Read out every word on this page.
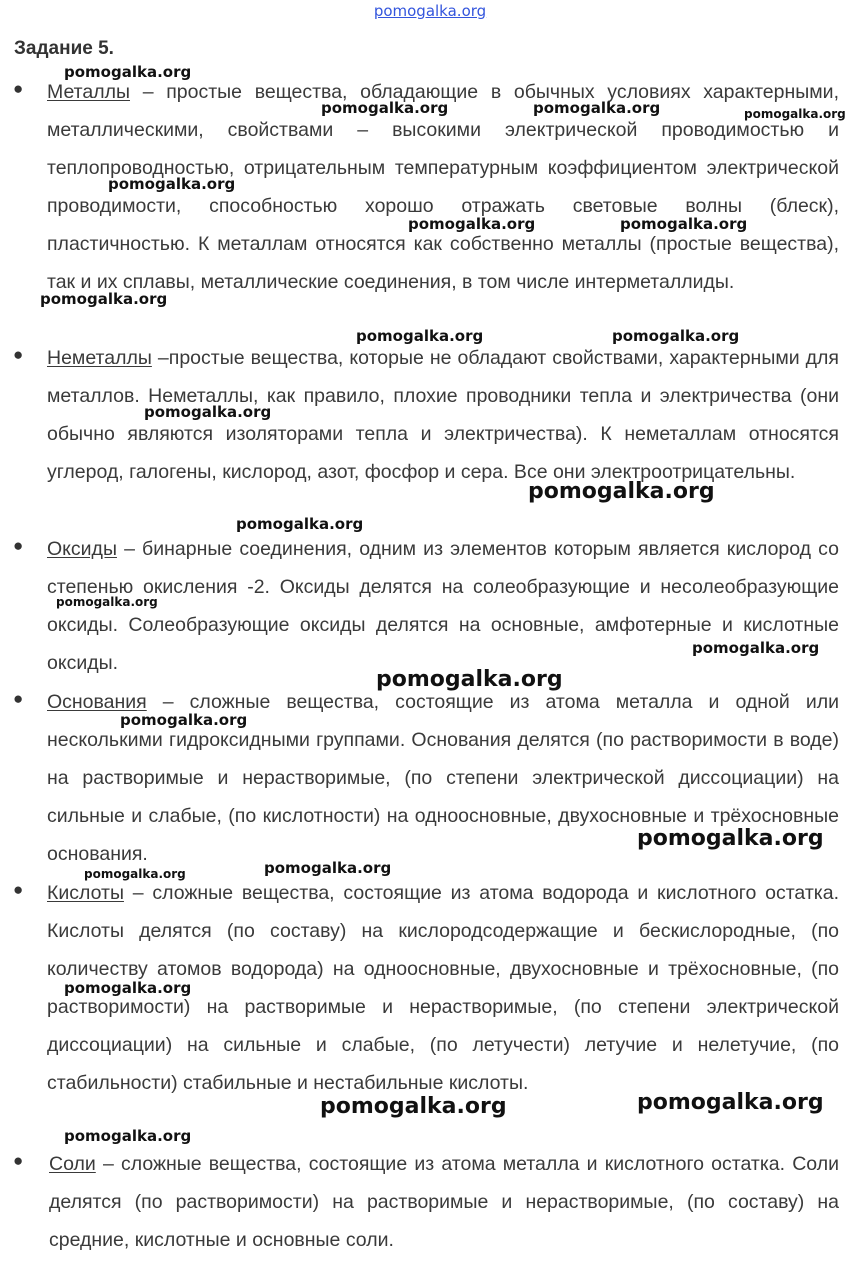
pomogalka.org
Задание 5.
● Металлы – простые вещества, обладающие в обычных условиях характерными, металлическими, свойствами – высокими электрической проводимостью и теплопроводностью, отрицательным температурным коэффициентом электрической проводимости, способностью хорошо отражать световые волны (блеск), пластичностью. К металлам относятся как собственно металлы (простые вещества), так и их сплавы, металлические соединения, в том числе интерметаллиды.
● Неметаллы –простые вещества, которые не обладают свойствами, характерными для металлов. Неметаллы, как правило, плохие проводники тепла и электричества (они обычно являются изоляторами тепла и электричества). К неметаллам относятся углерод, галогены, кислород, азот, фосфор и сера. Все они электроотрицательны.
● Оксиды – бинарные соединения, одним из элементов которым является кислород со степенью окисления -2. Оксиды делятся на солеобразующие и несолеобразующие оксиды. Солеобразующие оксиды делятся на основные, амфотерные и кислотные оксиды.
● Основания – сложные вещества, состоящие из атома металла и одной или несколькими гидроксидными группами. Основания делятся (по растворимости в воде) на растворимые и нерастворимые, (по степени электрической диссоциации) на сильные и слабые, (по кислотности) на одноосновные, двухосновные и трёхосновные основания.
● Кислоты – сложные вещества, состоящие из атома водорода и кислотного остатка. Кислоты делятся (по составу) на кислородсодержащие и бескислородные, (по количеству атомов водорода) на одноосновные, двухосновные и трёхосновные, (по растворимости) на растворимые и нерастворимые, (по степени электрической диссоциации) на сильные и слабые, (по летучести) летучие и нелетучие, (по стабильности) стабильные и нестабильные кислоты.
● Соли – сложные вещества, состоящие из атома металла и кислотного остатка. Соли делятся (по растворимости) на растворимые и нерастворимые, (по составу) на средние, кислотные и основные соли.
pomogalka.org
pomogalka.org	pomogalka.org	pomogalka.org
pomogalka.org
pomogalka.org	pomogalka.org
pomogalka.org
pomogalka.org	pomogalka.org
pomogalka.org
pomogalka.org
pomogalka.org
pomogalka.org
pomogalka.org
pomogalka.org
pomogalka.org
pomogalka.org
pomogalka.org
pomogalka.org
pomogalka.org
pomogalka.org	pomogalka.org
pomogalka.org
